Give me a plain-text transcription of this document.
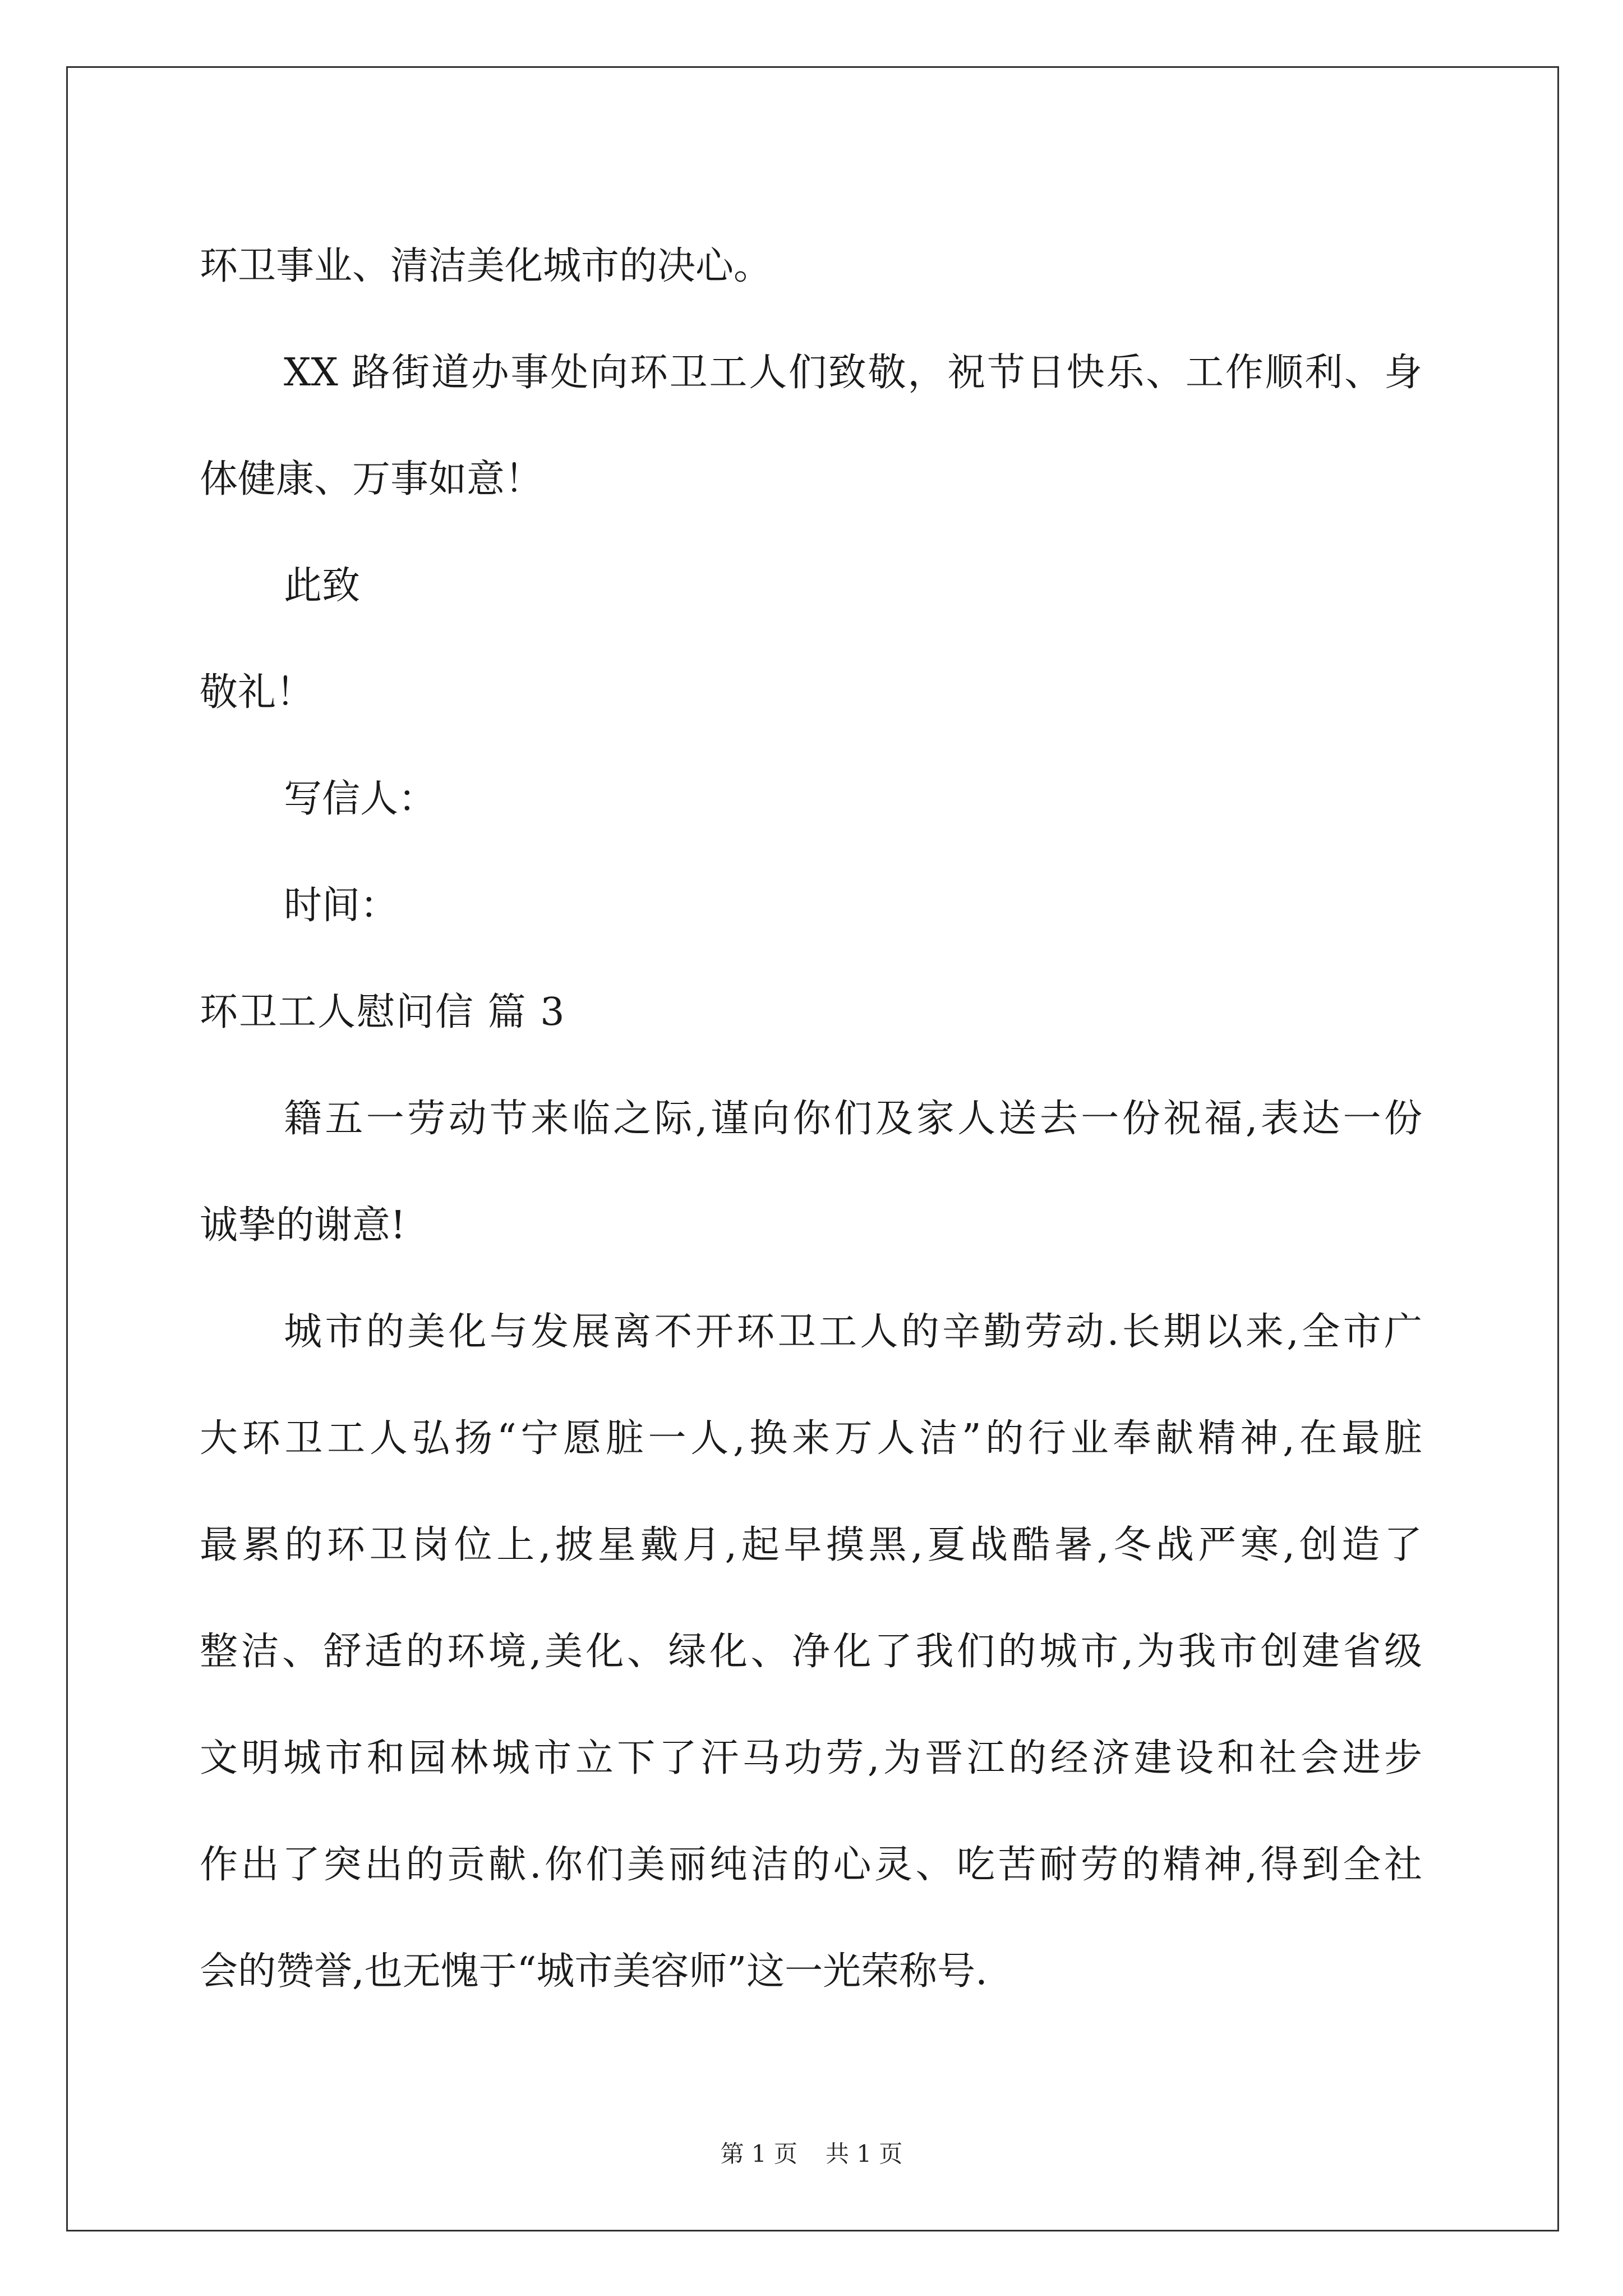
环卫事业、清洁美化城市的决心。
XX 路街道办事处向环卫工人们致敬，祝节日快乐、工作顺利、身
体健康、万事如意！
此致
敬礼！
写信人：
时间：
环卫工人慰问信 篇 3
籍五一劳动节来临之际,谨向你们及家人送去一份祝福,表达一份
诚挚的谢意!
城市的美化与发展离不开环卫工人的辛勤劳动.长期以来,全市广
大环卫工人弘扬“宁愿脏一人,换来万人洁”的行业奉献精神,在最脏
最累的环卫岗位上,披星戴月,起早摸黑,夏战酷暑,冬战严寒,创造了
整洁、舒适的环境,美化、绿化、净化了我们的城市,为我市创建省级
文明城市和园林城市立下了汗马功劳,为晋江的经济建设和社会进步
作出了突出的贡献.你们美丽纯洁的心灵、吃苦耐劳的精神,得到全社
会的赞誉,也无愧于“城市美容师”这一光荣称号.
第 1 页 共 1 页
